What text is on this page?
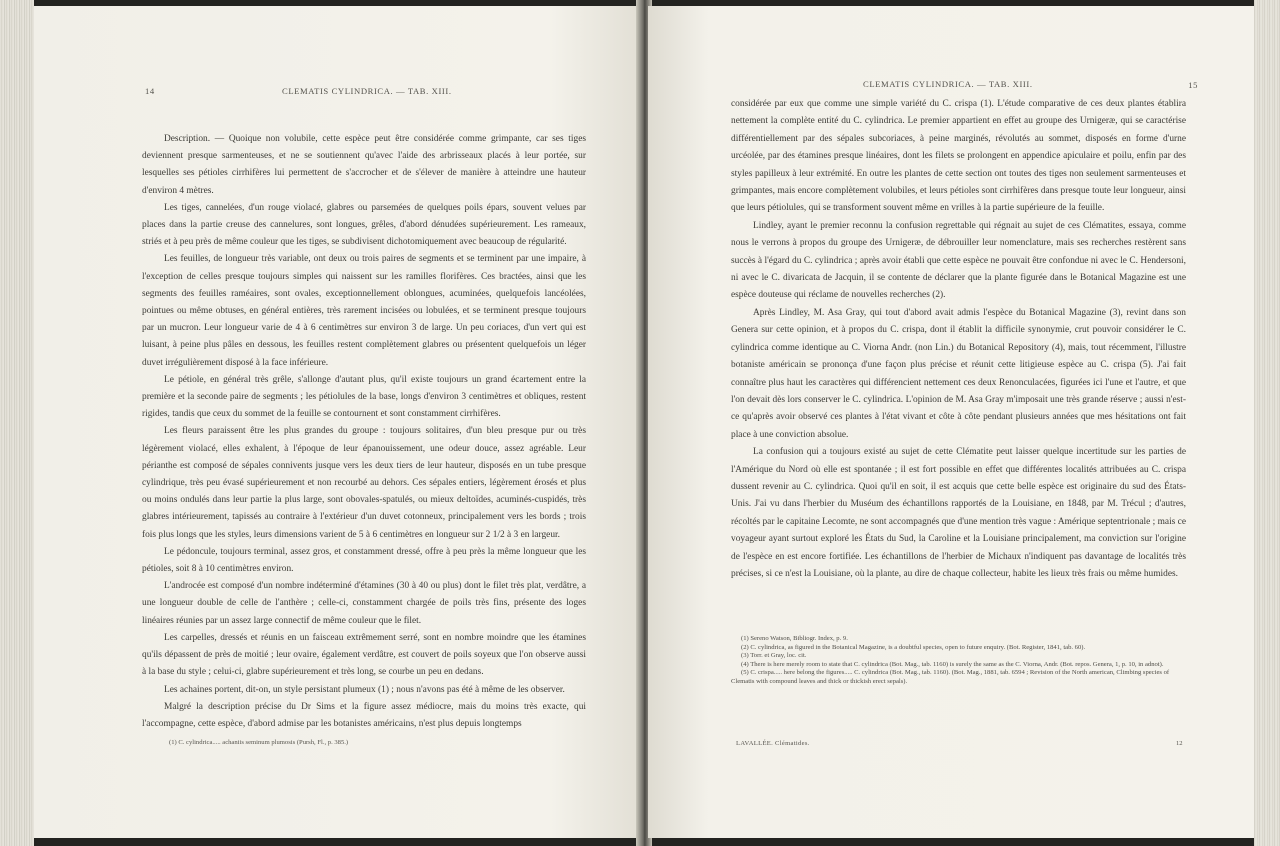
14	CLEMATIS CYLINDRICA. — TAB. XIII.

Description. — Quoique non volubile, cette espèce peut être considérée comme grimpante, car ses tiges deviennent presque sarmenteuses, et ne se soutiennent qu'avec l'aide des arbrisseaux placés à leur portée, sur lesquelles ses pétioles cirrhifères lui permettent de s'accrocher et de s'élever de manière à atteindre une hauteur d'environ 4 mètres.

Les tiges, cannelées, d'un rouge violacé, glabres ou parsemées de quelques poils épars, souvent velues par places dans la partie creuse des cannelures, sont longues, grêles, d'abord dénudées supérieurement. Les rameaux, striés et à peu près de même couleur que les tiges, se subdivisent dichotomiquement avec beaucoup de régularité.

Les feuilles, de longueur très variable, ont deux ou trois paires de segments et se terminent par une impaire, à l'exception de celles presque toujours simples qui naissent sur les ramilles florifères. Ces bractées, ainsi que les segments des feuilles raméaires, sont ovales, exceptionnellement oblongues, acuminées, quelquefois lancéolées, pointues ou même obtuses, en général entières, très rarement incisées ou lobulées, et se terminent presque toujours par un mucron. Leur longueur varie de 4 à 6 centimètres sur environ 3 de large. Un peu coriaces, d'un vert qui est luisant, à peine plus pâles en dessous, les feuilles restent complètement glabres ou présentent quelquefois un léger duvet irrégulièrement disposé à la face inférieure.

Le pétiole, en général très grêle, s'allonge d'autant plus, qu'il existe toujours un grand écartement entre la première et la seconde paire de segments ; les pétiolules de la base, longs d'environ 3 centimètres et obliques, restent rigides, tandis que ceux du sommet de la feuille se contournent et sont constamment cirrhifères.

Les fleurs paraissent être les plus grandes du groupe : toujours solitaires, d'un bleu presque pur ou très légèrement violacé, elles exhalent, à l'époque de leur épanouissement, une odeur douce, assez agréable. Leur périanthe est composé de sépales connivents jusque vers les deux tiers de leur hauteur, disposés en un tube presque cylindrique, très peu évasé supérieurement et non recourbé au dehors. Ces sépales entiers, légèrement érosés et plus ou moins ondulés dans leur partie la plus large, sont obovales-spatulés, ou mieux deltoïdes, acuminés-cuspidés, très glabres intérieurement, tapissés au contraire à l'extérieur d'un duvet cotonneux, principalement vers les bords ; trois fois plus longs que les styles, leurs dimensions varient de 5 à 6 centimètres en longueur sur 2 1/2 à 3 en largeur.

Le pédoncule, toujours terminal, assez gros, et constamment dressé, offre à peu près la même longueur que les pétioles, soit 8 à 10 centimètres environ.

L'androcée est composé d'un nombre indéterminé d'étamines (30 à 40 ou plus) dont le filet très plat, verdâtre, a une longueur double de celle de l'anthère ; celle-ci, constamment chargée de poils très fins, présente des loges linéaires réunies par un assez large connectif de même couleur que le filet.

Les carpelles, dressés et réunis en un faisceau extrêmement serré, sont en nombre moindre que les étamines qu'ils dépassent de près de moitié ; leur ovaire, également verdâtre, est couvert de poils soyeux que l'on observe aussi à la base du style ; celui-ci, glabre supérieurement et très long, se courbe un peu en dedans.

Les achaines portent, dit-on, un style persistant plumeux (1) ; nous n'avons pas été à même de les observer.

Malgré la description précise du Dr Sims et la figure assez médiocre, mais du moins très exacte, qui l'accompagne, cette espèce, d'abord admise par les botanistes américains, n'est plus depuis longtemps

(1) C. cylindrica..... achaniis seminum plumosis (Pursh, Fl., p. 385.)
CLEMATIS CYLINDRICA. — TAB. XIII.	15

considérée par eux que comme une simple variété du C. crispa (1). L'étude comparative de ces deux plantes établira nettement la complète entité du C. cylindrica. Le premier appartient en effet au groupe des Urnigeræ, qui se caractérise différentiellement par des sépales subcoriaces, à peine marginés, révolutés au sommet, disposés en forme d'urne urcéolée, par des étamines presque linéaires, dont les filets se prolongent en appendice apiculaire et poilu, enfin par des styles papilleux à leur extrémité. En outre les plantes de cette section ont toutes des tiges non seulement sarmenteuses et grimpantes, mais encore complètement volubiles, et leurs pétioles sont cirrhifères dans presque toute leur longueur, ainsi que leurs pétiolules, qui se transforment souvent même en vrilles à la partie supérieure de la feuille.

Lindley, ayant le premier reconnu la confusion regrettable qui régnait au sujet de ces Clématites, essaya, comme nous le verrons à propos du groupe des Urnigeræ, de débrouiller leur nomenclature, mais ses recherches restèrent sans succès à l'égard du C. cylindrica ; après avoir établi que cette espèce ne pouvait être confondue ni avec le C. Hendersoni, ni avec le C. divaricata de Jacquin, il se contente de déclarer que la plante figurée dans le Botanical Magazine est une espèce douteuse qui réclame de nouvelles recherches (2).

Après Lindley, M. Asa Gray, qui tout d'abord avait admis l'espèce du Botanical Magazine (3), revint dans son Genera sur cette opinion, et à propos du C. crispa, dont il établit la difficile synonymie, crut pouvoir considérer le C. cylindrica comme identique au C. Viorna Andr. (non Lin.) du Botanical Repository (4), mais, tout récemment, l'illustre botaniste américain se prononça d'une façon plus précise et réunit cette litigieuse espèce au C. crispa (5). J'ai fait connaître plus haut les caractères qui différencient nettement ces deux Renonculacées, figurées ici l'une et l'autre, et que l'on devait dès lors conserver le C. cylindrica. L'opinion de M. Asa Gray m'imposait une très grande réserve ; aussi n'est-ce qu'après avoir observé ces plantes à l'état vivant et côte à côte pendant plusieurs années que mes hésitations ont fait place à une conviction absolue.

La confusion qui a toujours existé au sujet de cette Clématite peut laisser quelque incertitude sur les parties de l'Amérique du Nord où elle est spontanée ; il est fort possible en effet que différentes localités attribuées au C. crispa dussent revenir au C. cylindrica. Quoi qu'il en soit, il est acquis que cette belle espèce est originaire du sud des États-Unis. J'ai vu dans l'herbier du Muséum des échantillons rapportés de la Louisiane, en 1848, par M. Trécul ; d'autres, récoltés par le capitaine Lecomte, ne sont accompagnés que d'une mention très vague : Amérique septentrionale ; mais ce voyageur ayant surtout exploré les États du Sud, la Caroline et la Louisiane principalement, ma conviction sur l'origine de l'espèce en est encore fortifiée. Les échantillons de l'herbier de Michaux n'indiquent pas davantage de localités très précises, si ce n'est la Louisiane, où la plante, au dire de chaque collecteur, habite les lieux très frais ou même humides.

(1) Sereno Watson, Bibliogr. Index, p. 9.

(2) C. cylindrica, as figured in the Botanical Magazine, is a doubtful species, open to future enquiry. (Bot. Register, 1841, tab. 60).

(3) Torr. et Gray, loc. cit.

(4) There is here merely room to state that C. cylindrica (Bot. Mag., tab. 1160) is surely the same as the C. Viorna, Andr. (Bot. repos. Genera, 1, p. 10, in adnot).

(5) C. crispa..... here belong the figures..... C. cylindrica (Bot. Mag., tab. 1160). (Bot. Mag., 1881, tab. 6594 ; Revision of the North american, Climbing species of Clematis with compound leaves and thick or thickish erect sepals).

LAVALLÉE. Clématides.	12
